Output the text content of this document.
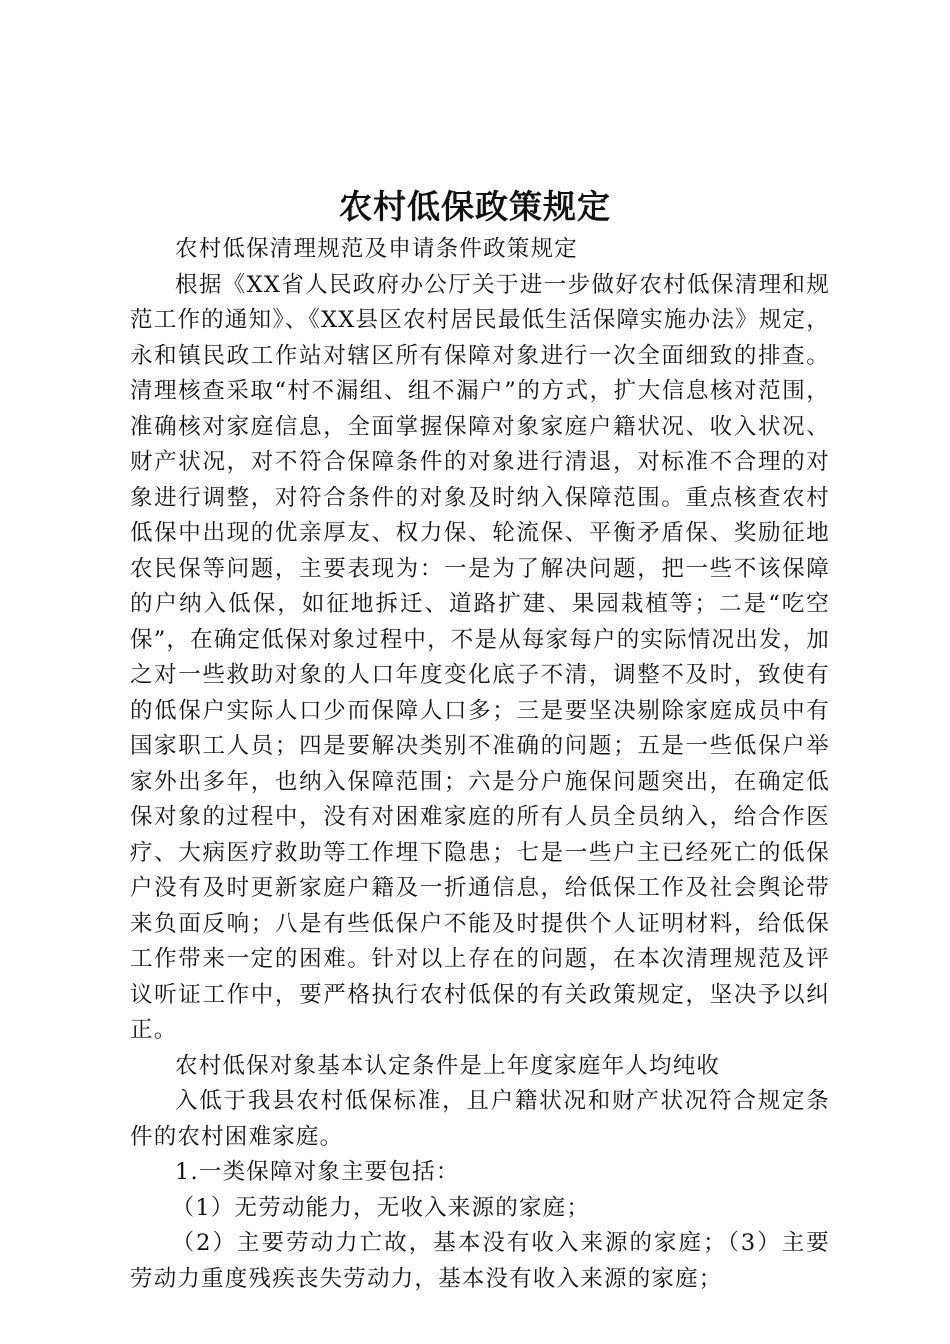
农村低保政策规定

农村低保清理规范及申请条件政策规定

根据《XX省人民政府办公厅关于进一步做好农村低保清理和规范工作的通知》、《XX县区农村居民最低生活保障实施办法》规定，永和镇民政工作站对辖区所有保障对象进行一次全面细致的排查。清理核查采取“村不漏组、组不漏户”的方式，扩大信息核对范围，准确核对家庭信息，全面掌握保障对象家庭户籍状况、收入状况、财产状况，对不符合保障条件的对象进行清退，对标准不合理的对象进行调整，对符合条件的对象及时纳入保障范围。重点核查农村低保中出现的优亲厚友、权力保、轮流保、平衡矛盾保、奖励征地农民保等问题，主要表现为：一是为了解决问题，把一些不该保障的户纳入低保，如征地拆迁、道路扩建、果园栽植等；二是“吃空保”，在确定低保对象过程中，不是从每家每户的实际情况出发，加之对一些救助对象的人口年度变化底子不清，调整不及时，致使有的低保户实际人口少而保障人口多；三是要坚决剔除家庭成员中有国家职工人员；四是要解决类别不准确的问题；五是一些低保户举家外出多年，也纳入保障范围；六是分户施保问题突出，在确定低保对象的过程中，没有对困难家庭的所有人员全员纳入，给合作医疗、大病医疗救助等工作埋下隐患；七是一些户主已经死亡的低保户没有及时更新家庭户籍及一折通信息，给低保工作及社会舆论带来负面反响；八是有些低保户不能及时提供个人证明材料，给低保工作带来一定的困难。针对以上存在的问题，在本次清理规范及评议听证工作中，要严格执行农村低保的有关政策规定，坚决予以纠正。

农村低保对象基本认定条件是上年度家庭年人均纯收

入低于我县农村低保标准，且户籍状况和财产状况符合规定条件的农村困难家庭。

1.一类保障对象主要包括：

（1）无劳动能力，无收入来源的家庭；

（2）主要劳动力亡故，基本没有收入来源的家庭；（3）主要劳动力重度残疾丧失劳动力，基本没有收入来源的家庭；
